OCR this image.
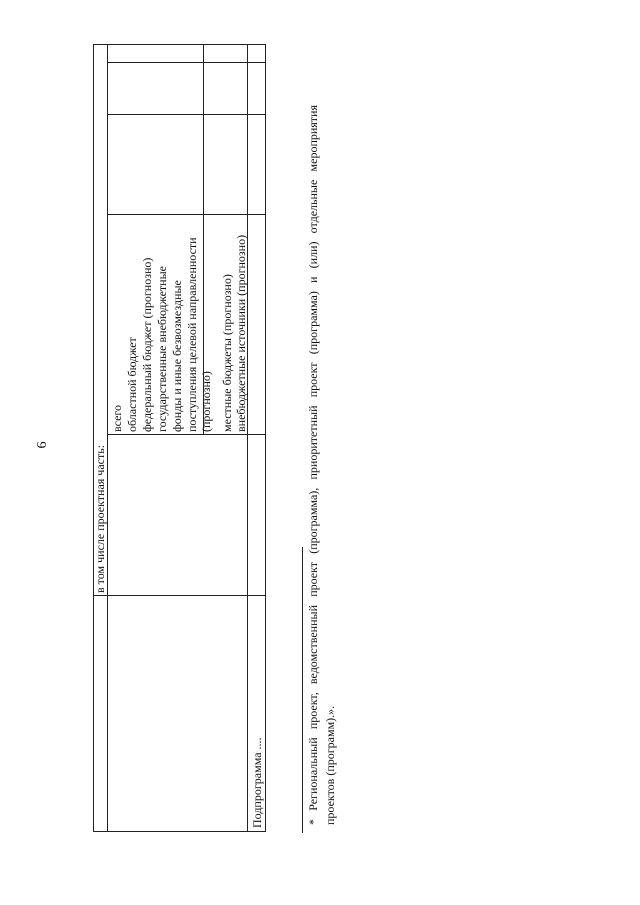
6
Подпрограмма ....
в том числе проектная часть:
всего областной бюджет федеральный бюджет (прогнозно) государственные внебюджетные фонды и иные безвозмездные поступления целевой направленности (прогнозно) местные бюджеты (прогнозно) внебюджетные источники (прогнозно)	* Региональный проект, ведомственный проект (программа), приоритетный проект (программа) и (или) отдельные мероприятия проектов (программ).».
